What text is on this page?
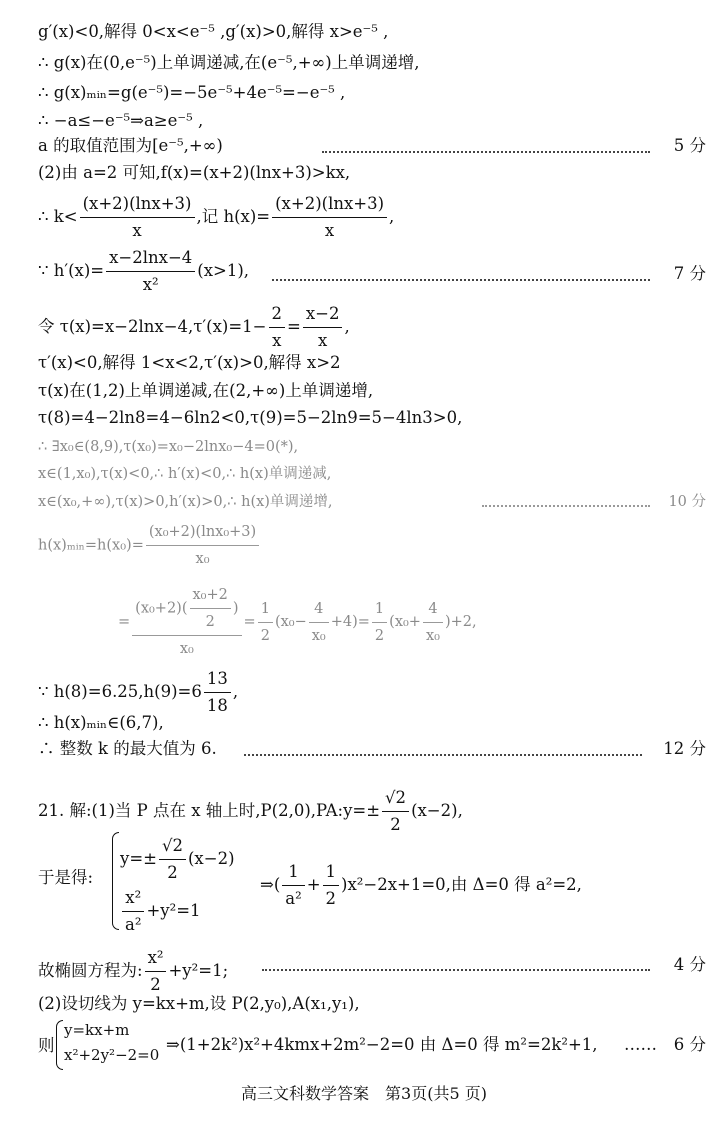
g′(x)<0,解得 0<x<e⁻⁵ ,g′(x)>0,解得 x>e⁻⁵ ,
∴ g(x)在(0,e⁻⁵)上单调递减,在(e⁻⁵,+∞)上单调递增,
∴ g(x)ₘᵢₙ=g(e⁻⁵)=−5e⁻⁵+4e⁻⁵=−e⁻⁵ ,
∴ −a≤−e⁻⁵⇒a≥e⁻⁵ ,
a 的取值范围为[e⁻⁵,+∞)	5 分
(2)由 a=2 可知,f(x)=(x+2)(lnx+3)>kx,
∴ $k< \frac{(x+2)(\ln x+3)}{x}$ ,记 $h(x)= \frac{(x+2)(\ln x+3)}{x}$ ,
∵ $h'(x)= \frac{x-2\ln x-4}{\text{x²}} (x>1)$,	7 分
令 $\tau(x)=x-2\ln x-4,\tau'(x)=1- \frac{2}{x} = \frac{x-2}{x}$ ,
τ′(x)<0,解得 1<x<2,τ′(x)>0,解得 x>2
τ(x)在(1,2)上单调递减,在(2,+∞)上单调递增,
τ(8)=4−2ln8=4−6ln2<0,τ(9)=5−2ln9=5−4ln3>0,
∴ ∃x₀∈(8,9),τ(x₀)=x₀−2lnx₀−4=0(*),
x∈(1,x₀),τ(x)<0,∴ h′(x)<0,∴ h(x)单调递减,
x∈(x₀,+∞),τ(x)>0,h′(x)>0,∴ h(x)单调递增,	10 分
h(x)ₘᵢₙ=h(x₀)= $\frac{\text{(x₀+2)(lnx₀+3)}}{\text{x₀}}$
= $\frac{(x_0+2)( \frac{\text{x₀+2}}{2} )}{\text{x₀}} = \frac{1}{2} (x_0- \frac{4}{\text{x₀}} +4)= \frac{1}{2} (x_0+ \frac{4}{\text{x₀}} )+2$,
∵ $h(8)=6.25,h(9)=6 \frac{13}{18}$ ,
∴ h(x)ₘᵢₙ∈(6,7),
∴ 整数 k 的最大值为 6.	12 分
21. 解:(1)当 P 点在 x 轴上时,P(2,0),PA:y=± $\frac{√2}{2} (x-2)$,
于是得:
$y=\pm \frac{√2}{2} (x-2)$
$\frac{\text{x²}}{\text{a²}} +y^2=1$
⇒( $\frac{1}{\text{a²}} + \frac{1}{2} )x^2-2x+1=0$,由 Δ=0 得 a²=2,
故椭圆方程为: $\frac{\text{x²}}{2} +y^2=1$;	4 分
(2)设切线为 y=kx+m,设 P(2,y₀),A(x₁,y₁),
则
y=kx+m
x²+2y²−2=0
⇒(1+2k²)x²+4kmx+2m²−2=0 由 Δ=0 得 m²=2k²+1, …… 6 分
高三文科数学答案　第3页(共5 页)
